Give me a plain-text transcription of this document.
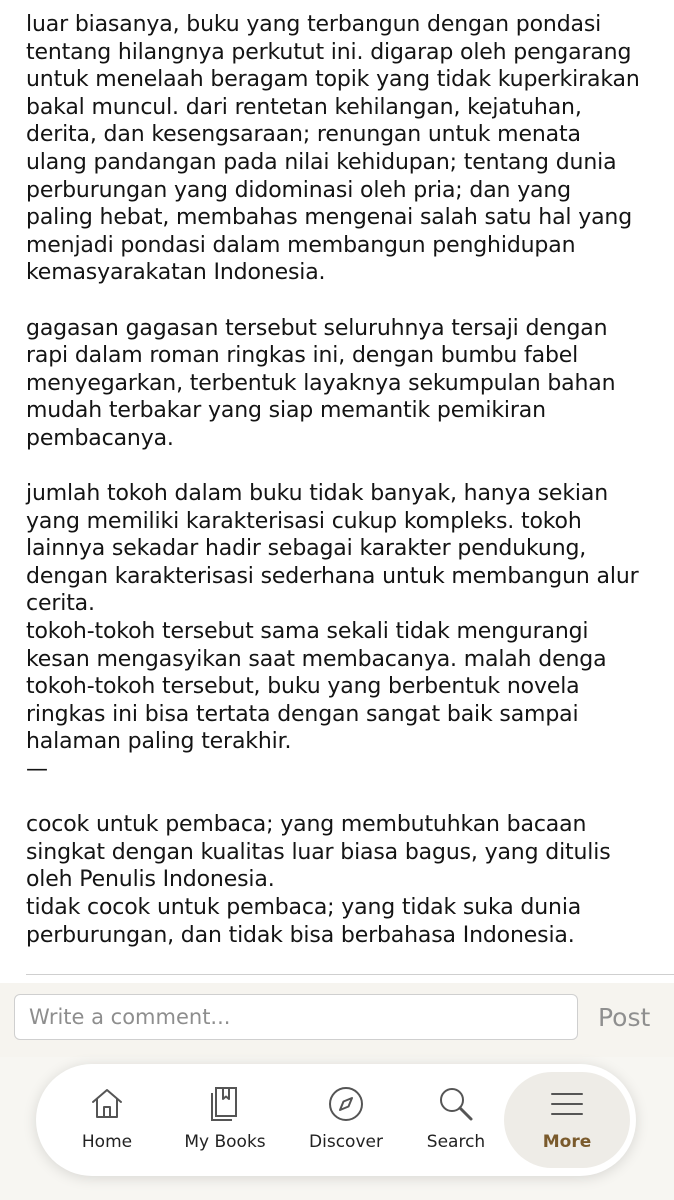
luar biasanya, buku yang terbangun dengan pondasi
tentang hilangnya perkutut ini. digarap oleh pengarang
untuk menelaah beragam topik yang tidak kuperkirakan
bakal muncul. dari rentetan kehilangan, kejatuhan,
derita, dan kesengsaraan; renungan untuk menata
ulang pandangan pada nilai kehidupan; tentang dunia
perburungan yang didominasi oleh pria; dan yang
paling hebat, membahas mengenai salah satu hal yang
menjadi pondasi dalam membangun penghidupan
kemasyarakatan Indonesia.

gagasan gagasan tersebut seluruhnya tersaji dengan
rapi dalam roman ringkas ini, dengan bumbu fabel
menyegarkan, terbentuk layaknya sekumpulan bahan
mudah terbakar yang siap memantik pemikiran
pembacanya.

jumlah tokoh dalam buku tidak banyak, hanya sekian
yang memiliki karakterisasi cukup kompleks. tokoh
lainnya sekadar hadir sebagai karakter pendukung,
dengan karakterisasi sederhana untuk membangun alur
cerita.
tokoh-tokoh tersebut sama sekali tidak mengurangi
kesan mengasyikan saat membacanya. malah denga
tokoh-tokoh tersebut, buku yang berbentuk novela
ringkas ini bisa tertata dengan sangat baik sampai
halaman paling terakhir.
—

cocok untuk pembaca; yang membutuhkan bacaan
singkat dengan kualitas luar biasa bagus, yang ditulis
oleh Penulis Indonesia.
tidak cocok untuk pembaca; yang tidak suka dunia
perburungan, dan tidak bisa berbahasa Indonesia.

Write a comment...
Post
Home	My Books	Discover	Search	More
